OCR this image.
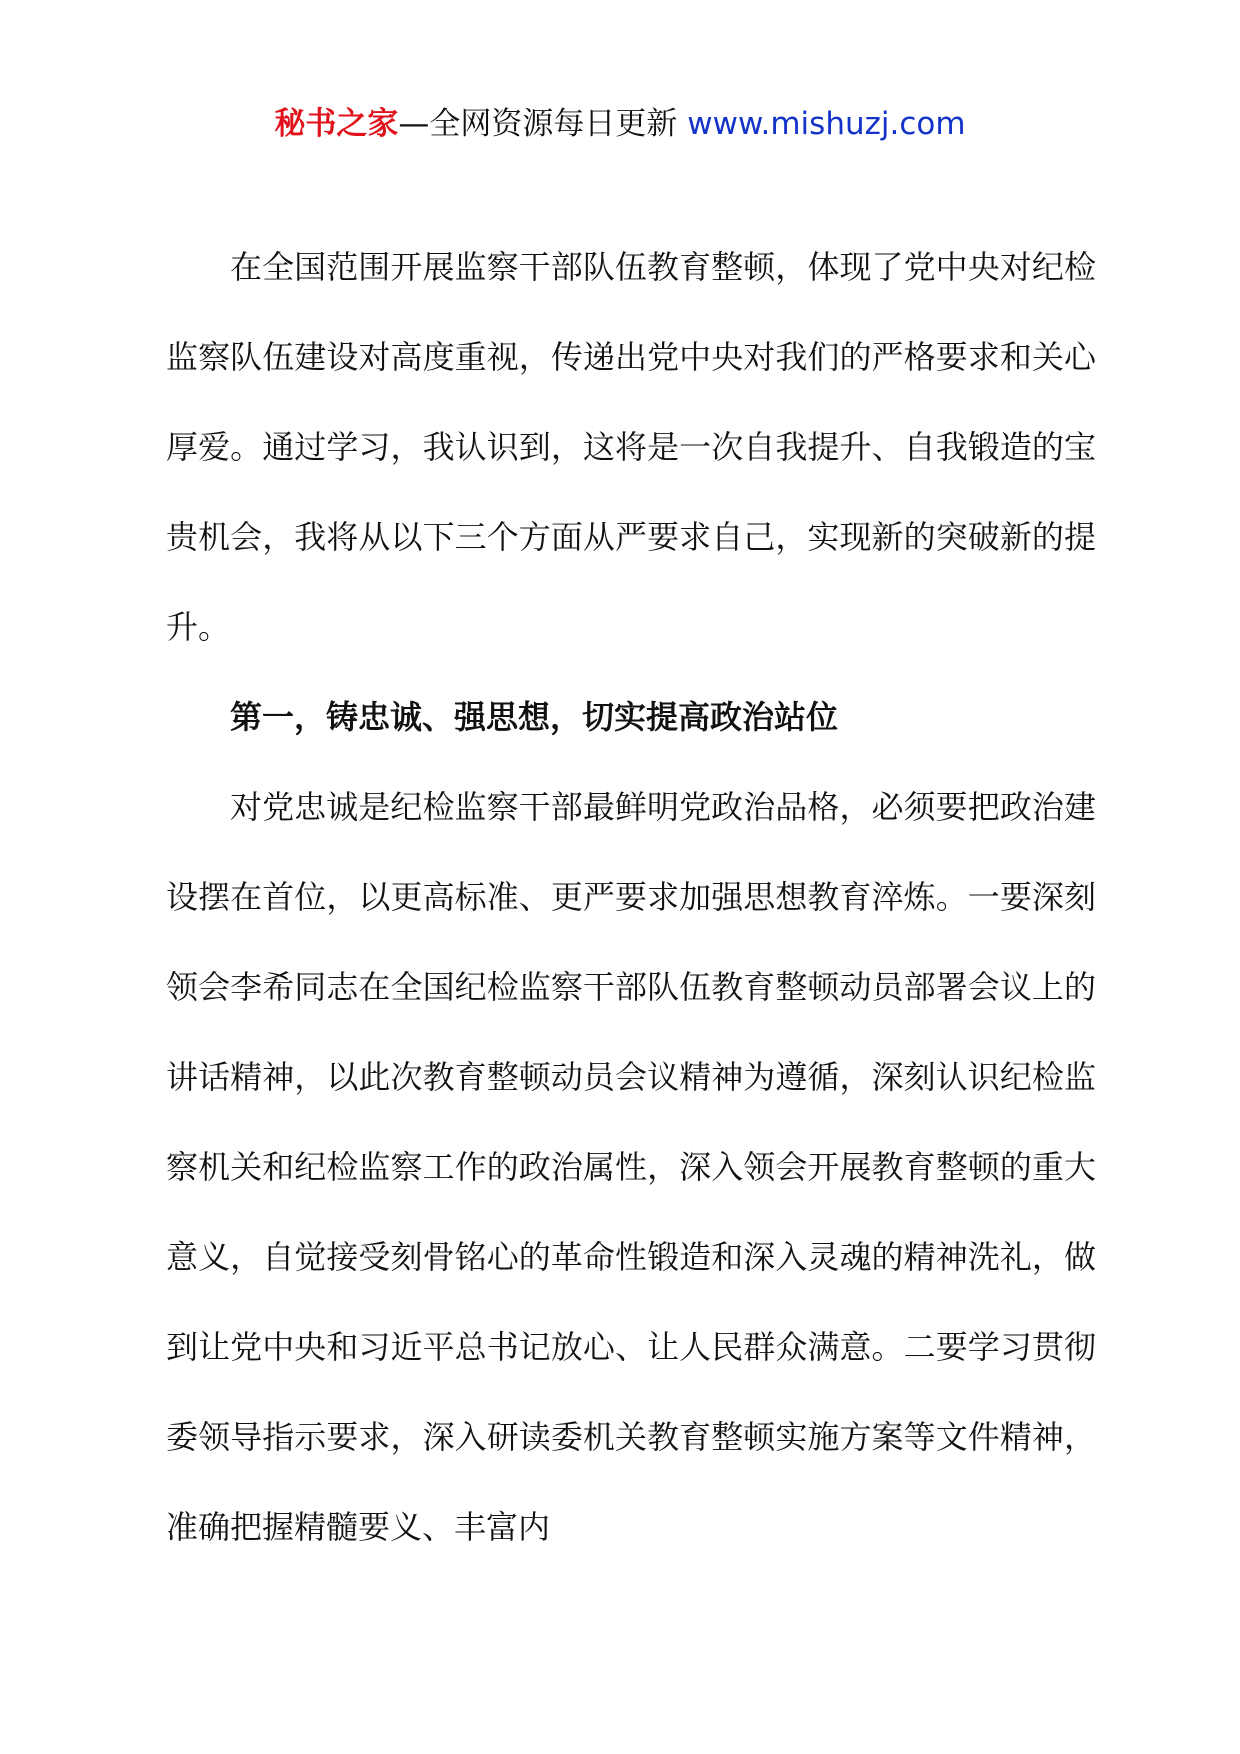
秘书之家—全网资源每日更新 www.mishuzj.com

在全国范围开展监察干部队伍教育整顿，体现了党中央对纪检监察队伍建设对高度重视，传递出党中央对我们的严格要求和关心厚爱。通过学习，我认识到，这将是一次自我提升、自我锻造的宝贵机会，我将从以下三个方面从严要求自己，实现新的突破新的提升。

第一，铸忠诚、强思想，切实提高政治站位

对党忠诚是纪检监察干部最鲜明党政治品格，必须要把政治建设摆在首位，以更高标准、更严要求加强思想教育淬炼。一要深刻领会李希同志在全国纪检监察干部队伍教育整顿动员部署会议上的讲话精神，以此次教育整顿动员会议精神为遵循，深刻认识纪检监察机关和纪检监察工作的政治属性，深入领会开展教育整顿的重大意义，自觉接受刻骨铭心的革命性锻造和深入灵魂的精神洗礼，做到让党中央和习近平总书记放心、让人民群众满意。二要学习贯彻委领导指示要求，深入研读委机关教育整顿实施方案等文件精神，准确把握精髓要义、丰富内
